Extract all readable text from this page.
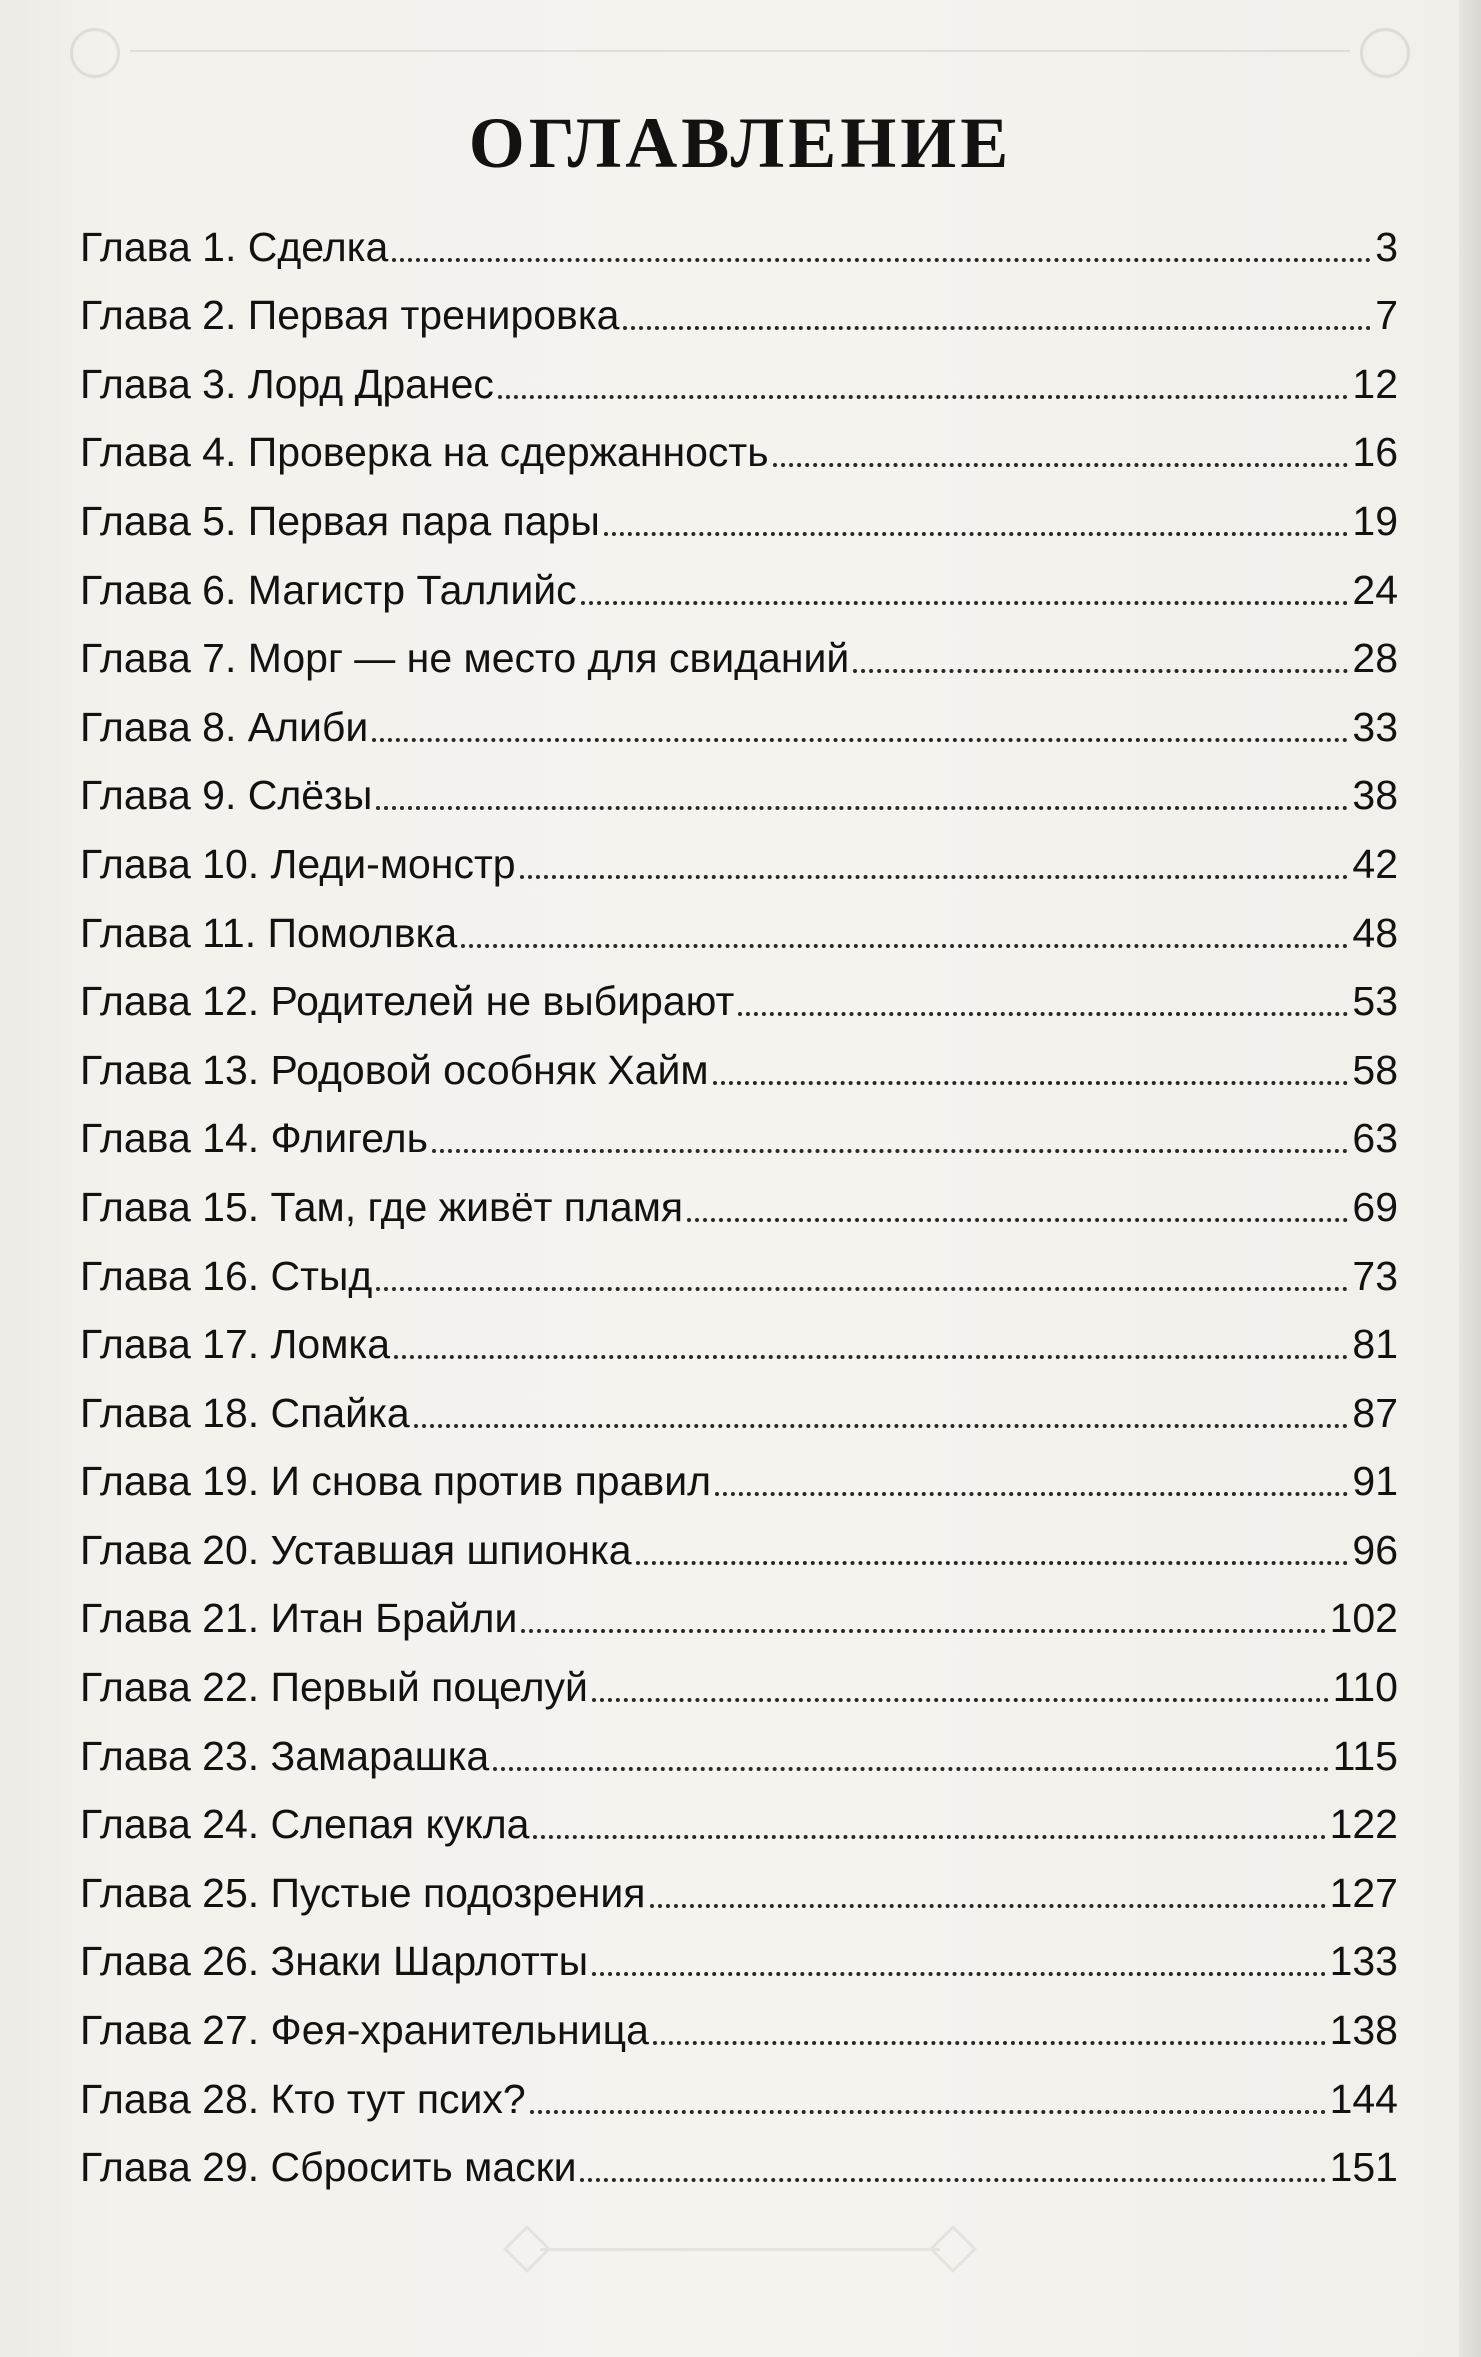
ОГЛАВЛЕНИЕ
Глава 1. Сделка	3
Глава 2. Первая тренировка	7
Глава 3. Лорд Дранес	12
Глава 4. Проверка на сдержанность	16
Глава 5. Первая пара пары	19
Глава 6. Магистр Таллийс	24
Глава 7. Морг — не место для свиданий	28
Глава 8. Алиби	33
Глава 9. Слёзы	38
Глава 10. Леди-монстр	42
Глава 11. Помолвка	48
Глава 12. Родителей не выбирают	53
Глава 13. Родовой особняк Хайм	58
Глава 14. Флигель	63
Глава 15. Там, где живёт пламя	69
Глава 16. Стыд	73
Глава 17. Ломка	81
Глава 18. Спайка	87
Глава 19. И снова против правил	91
Глава 20. Уставшая шпионка	96
Глава 21. Итан Брайли	102
Глава 22. Первый поцелуй	110
Глава 23. Замарашка	115
Глава 24. Слепая кукла	122
Глава 25. Пустые подозрения	127
Глава 26. Знаки Шарлотты	133
Глава 27. Фея-хранительница	138
Глава 28. Кто тут псих?	144
Глава 29. Сбросить маски	151
